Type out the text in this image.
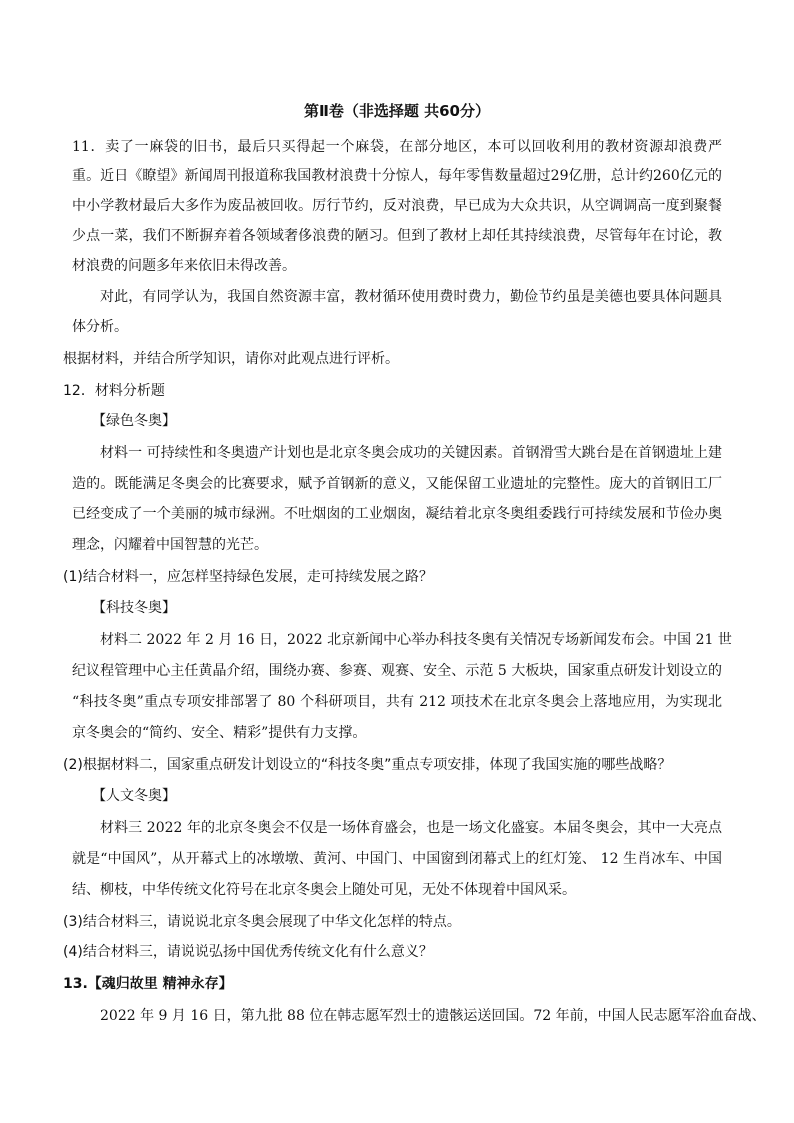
第Ⅱ卷（非选择题 共60分）
11．卖了一麻袋的旧书，最后只买得起一个麻袋，在部分地区，本可以回收利用的教材资源却浪费严
重。近日《瞭望》新闻周刊报道称我国教材浪费十分惊人，每年零售数量超过29亿册，总计约260亿元的
中小学教材最后大多作为废品被回收。厉行节约，反对浪费，早已成为大众共识，从空调调高一度到聚餐
少点一菜，我们不断摒弃着各领域奢侈浪费的陋习。但到了教材上却任其持续浪费，尽管每年在讨论，教
材浪费的问题多年来依旧未得改善。
对此，有同学认为，我国自然资源丰富，教材循环使用费时费力，勤俭节约虽是美德也要具体问题具
体分析。
根据材料，并结合所学知识，请你对此观点进行评析。
12．材料分析题
【绿色冬奥】
材料一 可持续性和冬奥遗产计划也是北京冬奥会成功的关键因素。首钢滑雪大跳台是在首钢遗址上建
造的。既能满足冬奥会的比赛要求，赋予首钢新的意义，又能保留工业遗址的完整性。庞大的首钢旧工厂
已经变成了一个美丽的城市绿洲。不吐烟囱的工业烟囱，凝结着北京冬奥组委践行可持续发展和节俭办奥
理念，闪耀着中国智慧的光芒。
(1)结合材料一，应怎样坚持绿色发展，走可持续发展之路？
【科技冬奥】
材料二 2022 年 2 月 16 日，2022 北京新闻中心举办科技冬奥有关情况专场新闻发布会。中国 21 世
纪议程管理中心主任黄晶介绍，围绕办赛、参赛、观赛、安全、示范 5 大板块，国家重点研发计划设立的
“科技冬奥”重点专项安排部署了 80 个科研项目，共有 212 项技术在北京冬奥会上落地应用，为实现北
京冬奥会的“简约、安全、精彩”提供有力支撑。
(2)根据材料二，国家重点研发计划设立的“科技冬奥”重点专项安排，体现了我国实施的哪些战略？
【人文冬奥】
材料三 2022 年的北京冬奥会不仅是一场体育盛会，也是一场文化盛宴。本届冬奥会，其中一大亮点
就是“中国风”，从开幕式上的冰墩墩、黄河、中国门、中国窗到闭幕式上的红灯笼、 12 生肖冰车、中国
结、柳枝，中华传统文化符号在北京冬奥会上随处可见，无处不体现着中国风采。
(3)结合材料三，请说说北京冬奥会展现了中华文化怎样的特点。
(4)结合材料三，请说说弘扬中国优秀传统文化有什么意义？
13.【魂归故里 精神永存】
2022 年 9 月 16 日，第九批 88 位在韩志愿军烈士的遗骸运送回国。72 年前，中国人民志愿军浴血奋战、
